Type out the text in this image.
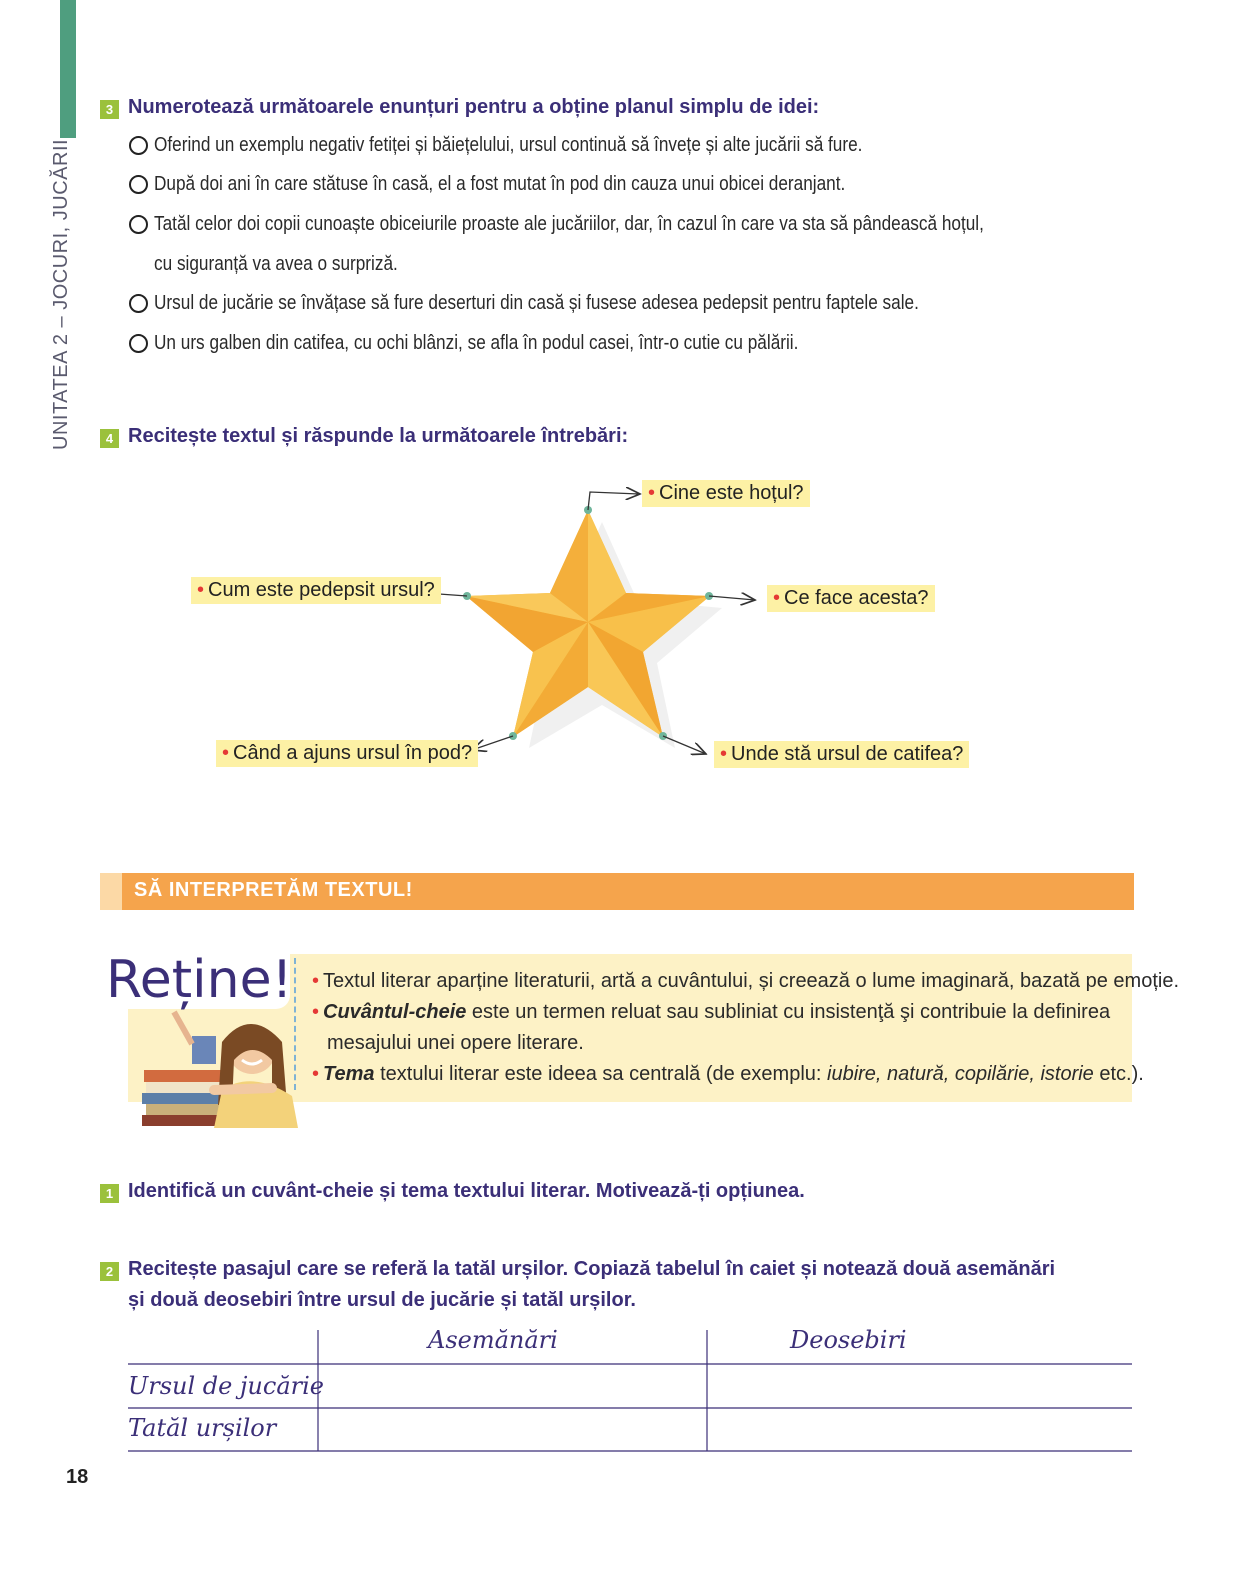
UNITATEA 2 – JOCURI, JUCĂRII
3 Numerotează următoarele enunțuri pentru a obține planul simplu de idei:
Oferind un exemplu negativ fetiței și băiețelului, ursul continuă să învețe și alte jucării să fure.
După doi ani în care stătuse în casă, el a fost mutat în pod din cauza unui obicei deranjant.
Tatăl celor doi copii cunoaște obiceiurile proaste ale jucăriilor, dar, în cazul în care va sta să pândească hoțul,
cu siguranță va avea o surpriză.
Ursul de jucărie se învățase să fure deserturi din casă și fusese adesea pedepsit pentru faptele sale.
Un urs galben din catifea, cu ochi blânzi, se afla în podul casei, într-o cutie cu pălării.
4 Recitește textul și răspunde la următoarele întrebări:
• Cine este hoțul?
• Ce face acesta?
• Unde stă ursul de catifea?
• Când a ajuns ursul în pod?
• Cum este pedepsit ursul?
SĂ INTERPRETĂM TEXTUL!
Reține! • Textul literar aparține literaturii, artă a cuvântului, și creează o lume imaginară, bazată pe emoție.
• Cuvântul-cheie este un termen reluat sau subliniat cu insistenţă şi contribuie la definirea
mesajului unei opere literare.
• Tema textului literar este ideea sa centrală (de exemplu: iubire, natură, copilărie, istorie etc.).
1 Identifică un cuvânt-cheie și tema textului literar. Motivează-ți opțiunea.
2 Recitește pasajul care se referă la tatăl urșilor. Copiază tabelul în caiet și notează două asemănări
și două deosebiri între ursul de jucărie și tatăl urșilor.
Asemănări	Deosebiri
Ursul de jucărie
Tatăl urșilor
18
